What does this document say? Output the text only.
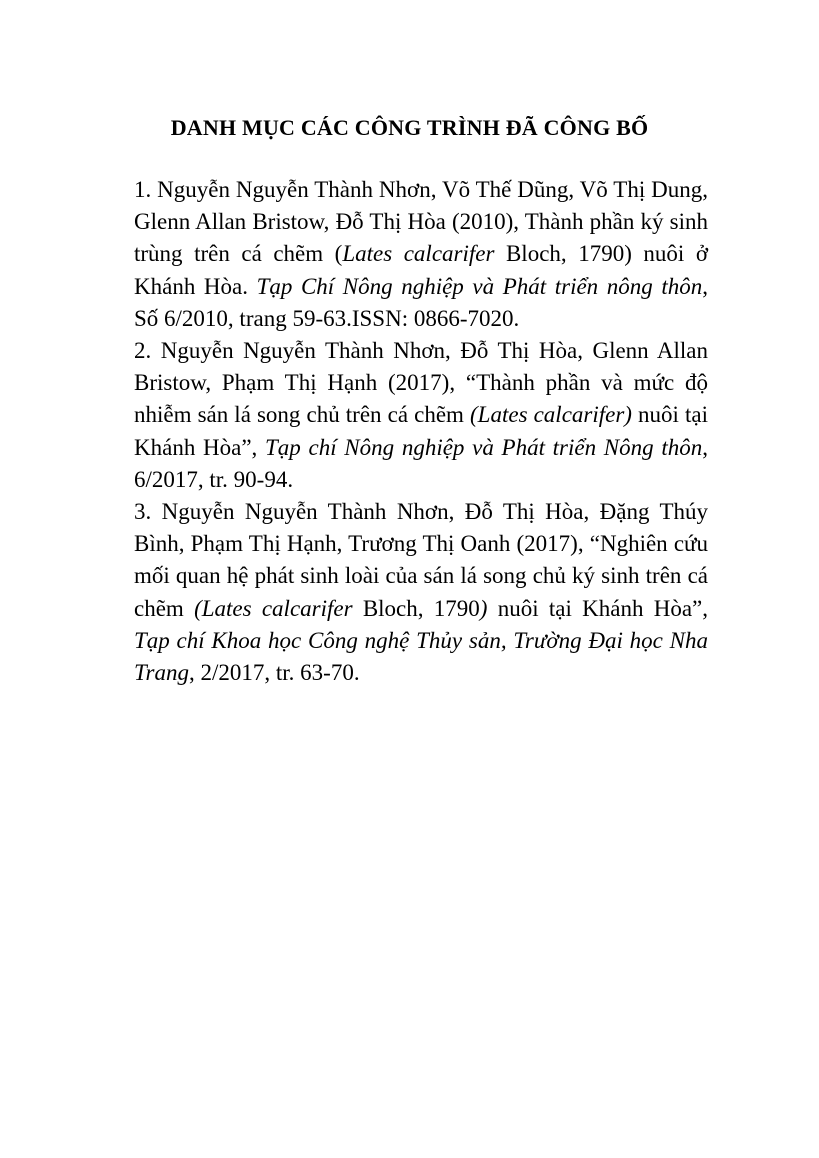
DANH MỤC CÁC CÔNG TRÌNH ĐÃ CÔNG BỐ

1. Nguyễn Nguyễn Thành Nhơn, Võ Thế Dũng, Võ Thị Dung, Glenn Allan Bristow, Đỗ Thị Hòa (2010), Thành phần ký sinh trùng trên cá chẽm (Lates calcarifer Bloch, 1790) nuôi ở Khánh Hòa. Tạp Chí Nông nghiệp và Phát triển nông thôn, Số 6/2010, trang 59-63.ISSN: 0866-7020.

2. Nguyễn Nguyễn Thành Nhơn, Đỗ Thị Hòa, Glenn Allan Bristow, Phạm Thị Hạnh (2017), “Thành phần và mức độ nhiễm sán lá song chủ trên cá chẽm (Lates calcarifer) nuôi tại Khánh Hòa”, Tạp chí Nông nghiệp và Phát triển Nông thôn, 6/2017, tr. 90-94.

3. Nguyễn Nguyễn Thành Nhơn, Đỗ Thị Hòa, Đặng Thúy Bình, Phạm Thị Hạnh, Trương Thị Oanh (2017), “Nghiên cứu mối quan hệ phát sinh loài của sán lá song chủ ký sinh trên cá chẽm (Lates calcarifer Bloch, 1790) nuôi tại Khánh Hòa”, Tạp chí Khoa học Công nghệ Thủy sản, Trường Đại học Nha Trang, 2/2017, tr. 63-70.
